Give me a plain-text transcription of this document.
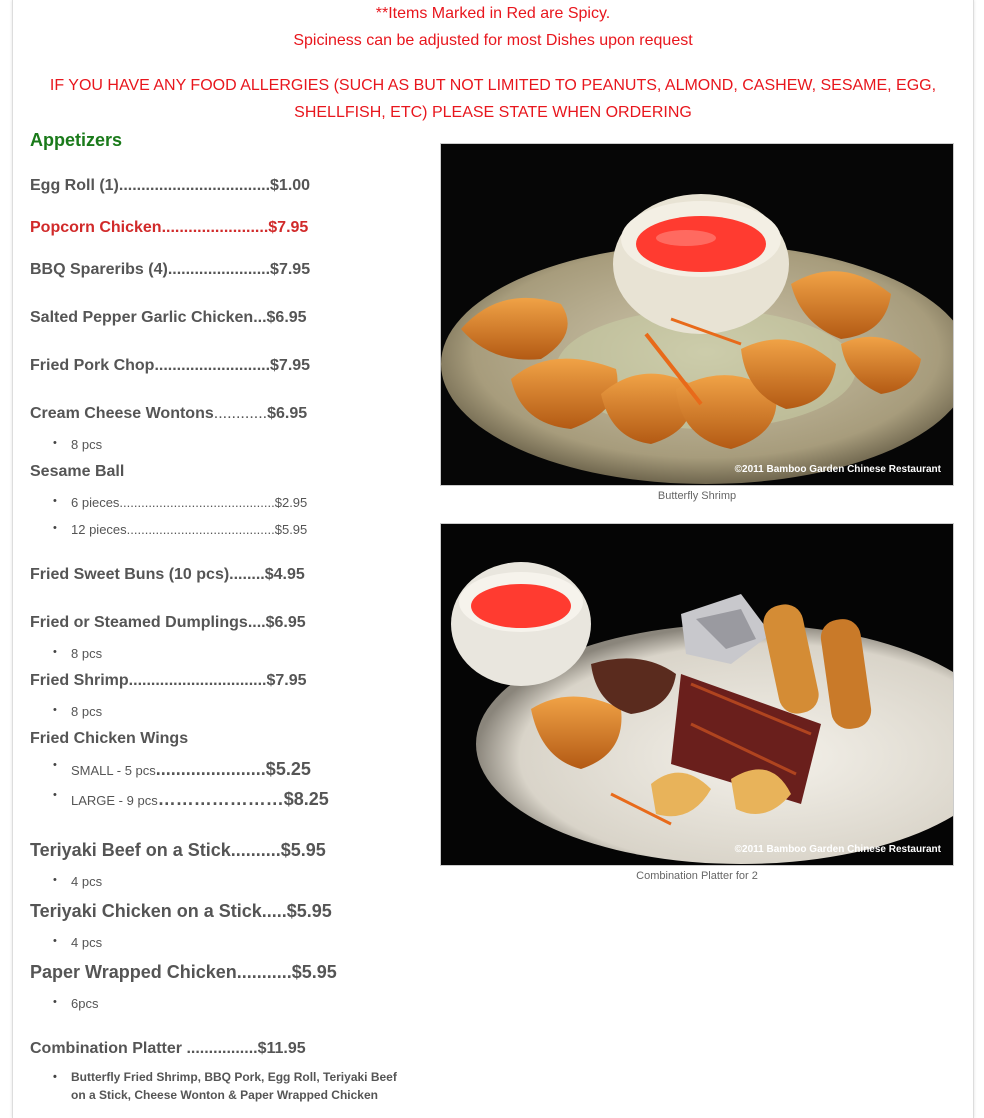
**Items Marked in Red are Spicy.
Spiciness can be adjusted for most Dishes upon request
IF YOU HAVE ANY FOOD ALLERGIES (SUCH AS BUT NOT LIMITED TO PEANUTS, ALMOND, CASHEW, SESAME, EGG, SHELLFISH, ETC) PLEASE STATE WHEN ORDERING
Appetizers
Egg Roll (1)..................................$1.00
Popcorn Chicken........................$7.95
BBQ Spareribs (4).......................$7.95
Salted Pepper Garlic Chicken...$6.95
Fried Pork Chop..........................$7.95
Cream Cheese Wontons............$6.95
• 8 pcs
Sesame Ball
• 6 pieces...........................................$2.95
• 12 pieces.........................................$5.95
Fried Sweet Buns (10 pcs)........$4.95
Fried or Steamed Dumplings....$6.95
• 8 pcs
Fried Shrimp...............................$7.95
• 8 pcs
Fried Chicken Wings
• SMALL - 5 pcs......................$5.25
• LARGE - 9 pcs…………………$8.25
Teriyaki Beef on a Stick..........$5.95
• 4 pcs
Teriyaki Chicken on a Stick.....$5.95
• 4 pcs
Paper Wrapped Chicken...........$5.95
• 6pcs
Combination Platter ................$11.95
• Butterfly Fried Shrimp, BBQ Pork, Egg Roll, Teriyaki Beef on a Stick, Cheese Wonton & Paper Wrapped Chicken
©2011 Bamboo Garden Chinese Restaurant
Butterfly Shrimp
©2011 Bamboo Garden Chinese Restaurant
Combination Platter for 2
